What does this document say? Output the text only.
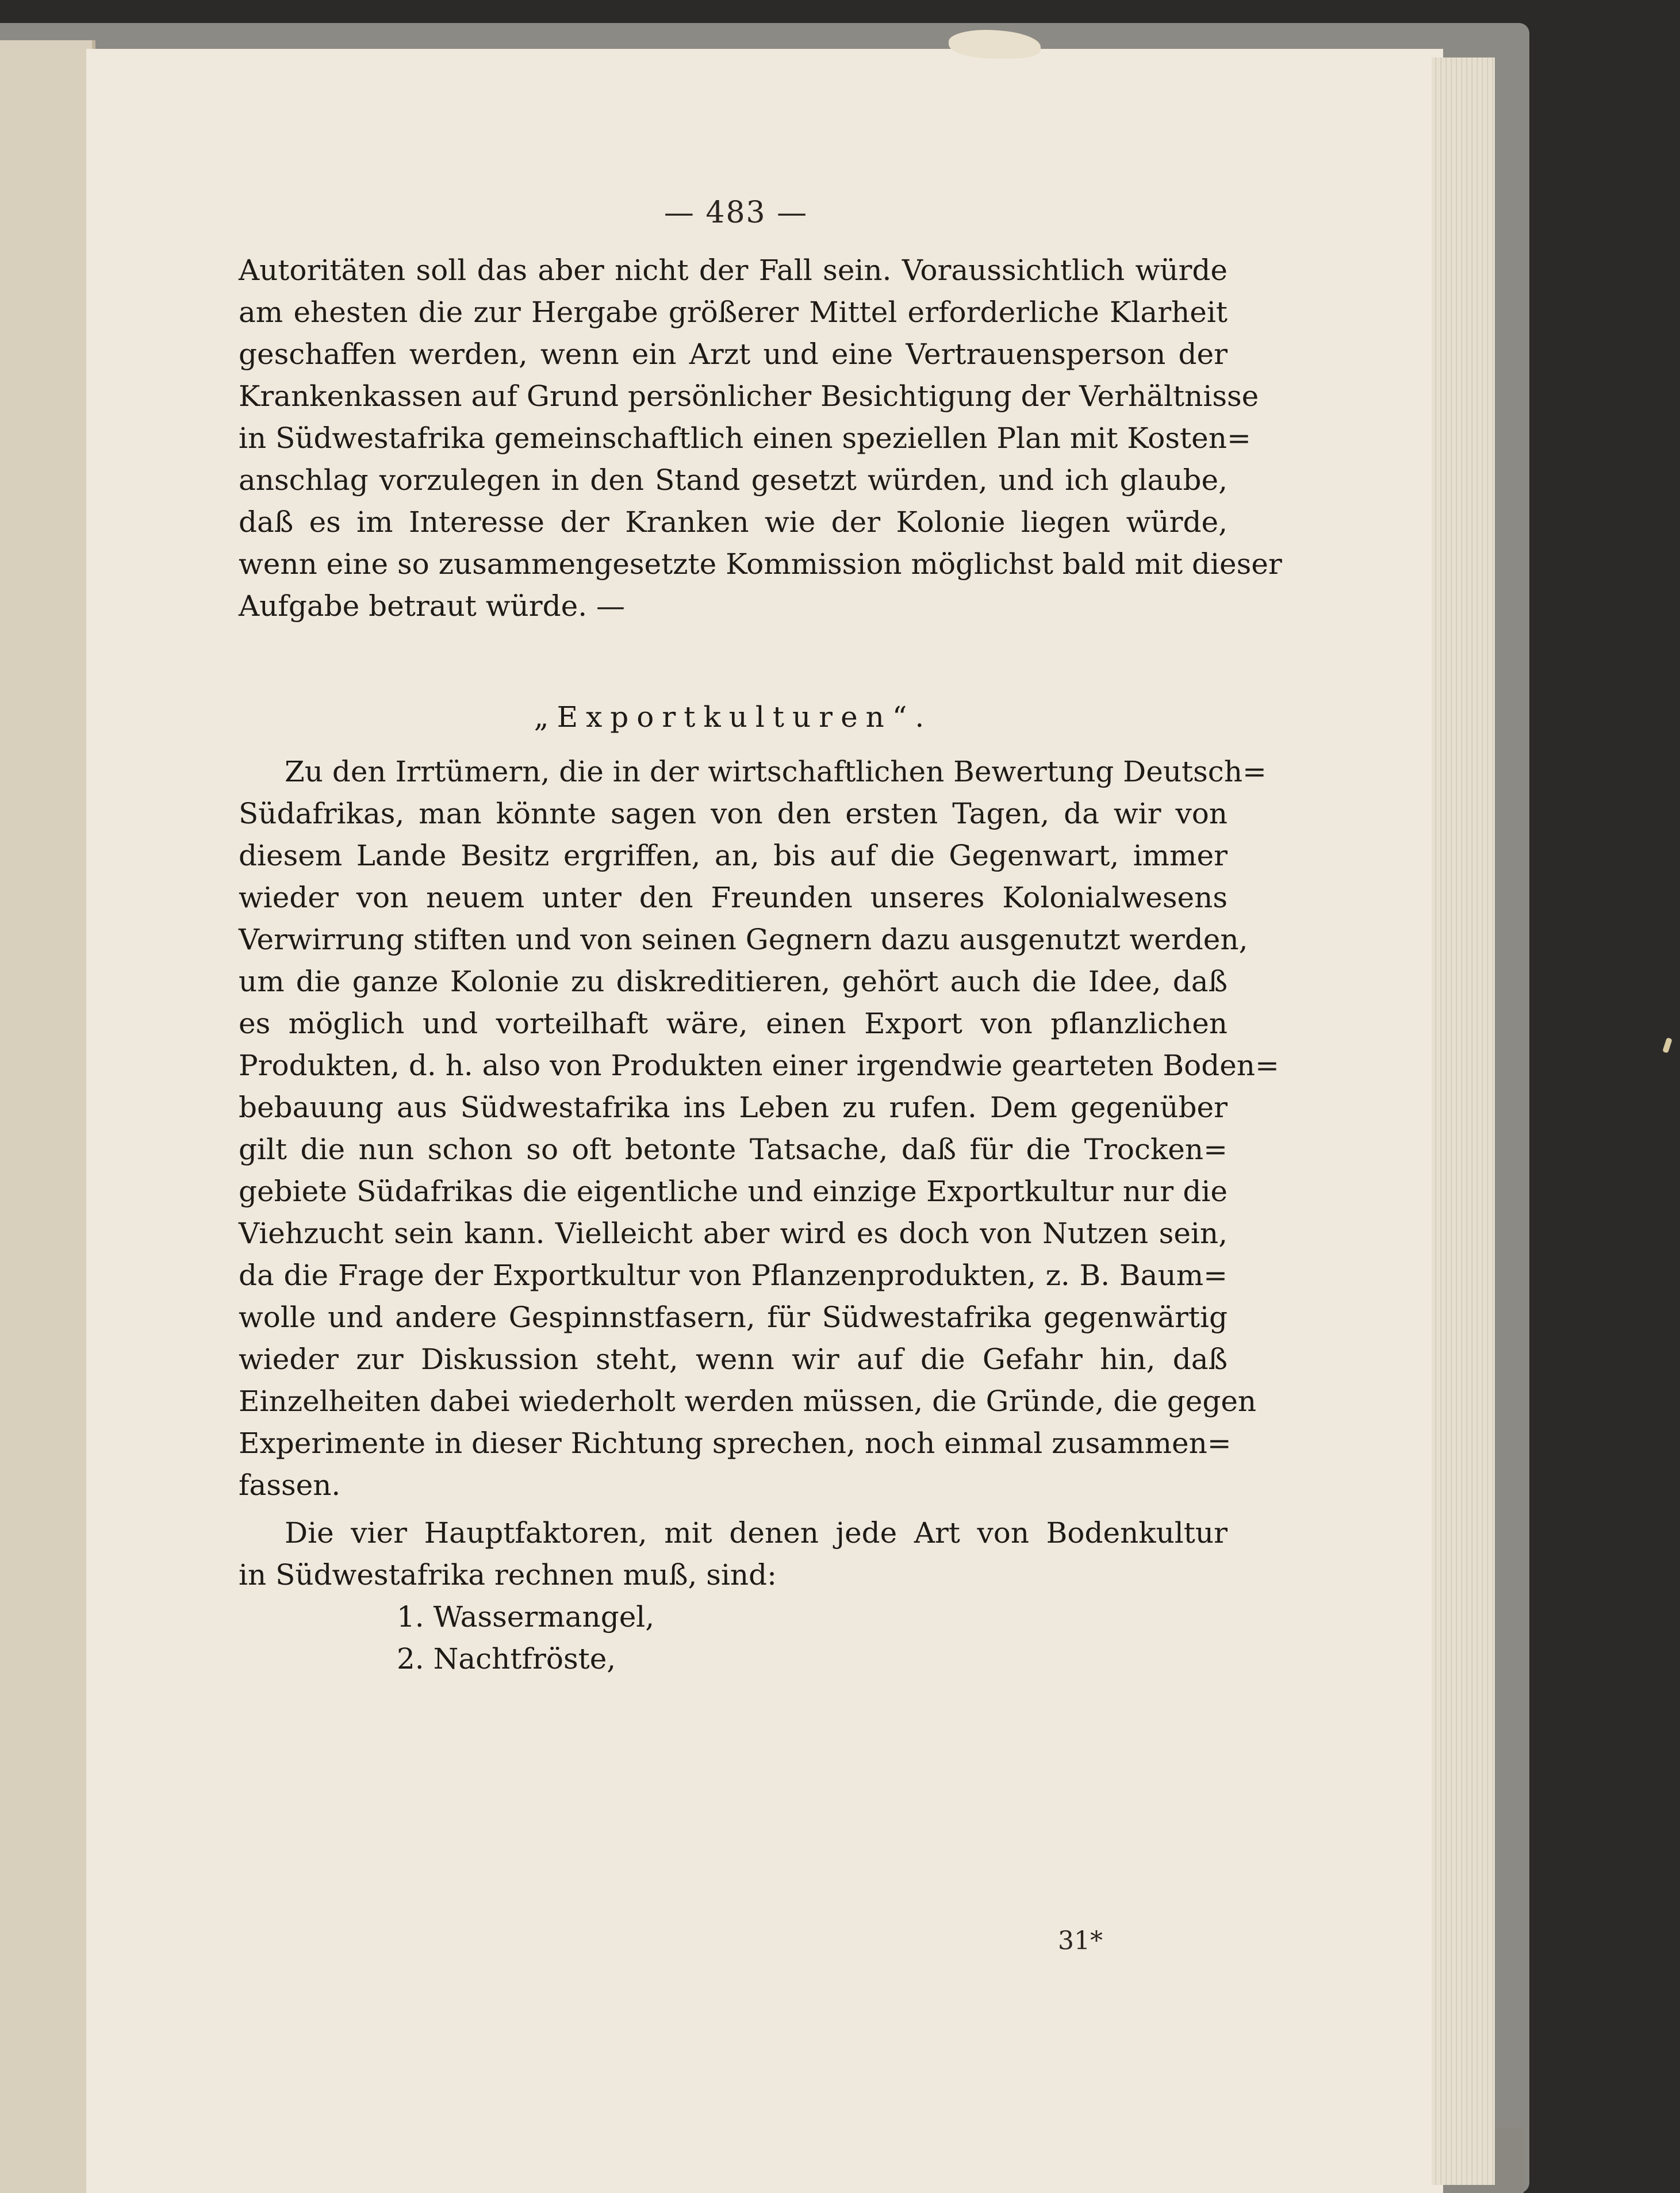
— 483 —
31*
Autoritäten soll das aber nicht der Fall sein. Voraussichtlich würde
am ehesten die zur Hergabe größerer Mittel erforderliche Klarheit
geschaffen werden, wenn ein Arzt und eine Vertrauensperson der
Krankenkassen auf Grund persönlicher Besichtigung der Verhältnisse
in Südwestafrika gemeinschaftlich einen speziellen Plan mit Kosten=
anschlag vorzulegen in den Stand gesetzt würden, und ich glaube,
daß es im Interesse der Kranken wie der Kolonie liegen würde,
wenn eine so zusammengesetzte Kommission möglichst bald mit dieser
Aufgabe betraut würde. —
„Exportkulturen“.
Zu den Irrtümern, die in der wirtschaftlichen Bewertung Deutsch=
Südafrikas, man könnte sagen von den ersten Tagen, da wir von
diesem Lande Besitz ergriffen, an, bis auf die Gegenwart, immer
wieder von neuem unter den Freunden unseres Kolonialwesens
Verwirrung stiften und von seinen Gegnern dazu ausgenutzt werden,
um die ganze Kolonie zu diskreditieren, gehört auch die Idee, daß
es möglich und vorteilhaft wäre, einen Export von pflanzlichen
Produkten, d. h. also von Produkten einer irgendwie gearteten Boden=
bebauung aus Südwestafrika ins Leben zu rufen. Dem gegenüber
gilt die nun schon so oft betonte Tatsache, daß für die Trocken=
gebiete Südafrikas die eigentliche und einzige Exportkultur nur die
Viehzucht sein kann. Vielleicht aber wird es doch von Nutzen sein,
da die Frage der Exportkultur von Pflanzenprodukten, z. B. Baum=
wolle und andere Gespinnstfasern, für Südwestafrika gegenwärtig
wieder zur Diskussion steht, wenn wir auf die Gefahr hin, daß
Einzelheiten dabei wiederholt werden müssen, die Gründe, die gegen
Experimente in dieser Richtung sprechen, noch einmal zusammen=
fassen.
Die vier Hauptfaktoren, mit denen jede Art von Bodenkultur
in Südwestafrika rechnen muß, sind:
1. Wassermangel,
2. Nachtfröste,
